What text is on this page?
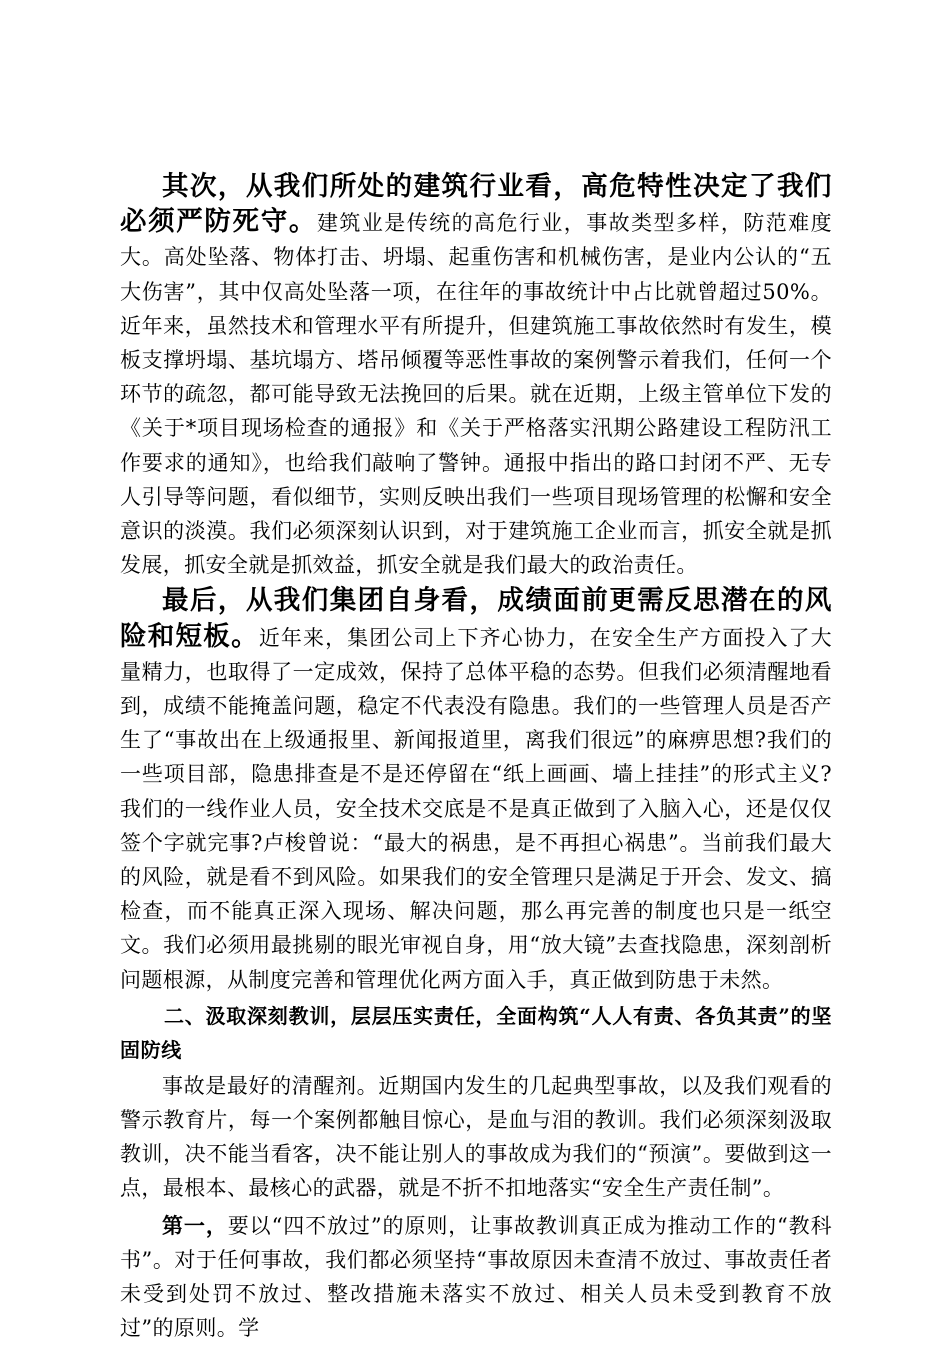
其次，从我们所处的建筑行业看，高危特性决定了我们必须严防死守。建筑业是传统的高危行业，事故类型多样，防范难度大。高处坠落、物体打击、坍塌、起重伤害和机械伤害，是业内公认的“五大伤害”，其中仅高处坠落一项，在往年的事故统计中占比就曾超过50%。近年来，虽然技术和管理水平有所提升，但建筑施工事故依然时有发生，模板支撑坍塌、基坑塌方、塔吊倾覆等恶性事故的案例警示着我们，任何一个环节的疏忽，都可能导致无法挽回的后果。就在近期，上级主管单位下发的《关于*项目现场检查的通报》和《关于严格落实汛期公路建设工程防汛工作要求的通知》，也给我们敲响了警钟。通报中指出的路口封闭不严、无专人引导等问题，看似细节，实则反映出我们一些项目现场管理的松懈和安全意识的淡漠。我们必须深刻认识到，对于建筑施工企业而言，抓安全就是抓发展，抓安全就是抓效益，抓安全就是我们最大的政治责任。

最后，从我们集团自身看，成绩面前更需反思潜在的风险和短板。近年来，集团公司上下齐心协力，在安全生产方面投入了大量精力，也取得了一定成效，保持了总体平稳的态势。但我们必须清醒地看到，成绩不能掩盖问题，稳定不代表没有隐患。我们的一些管理人员是否产生了“事故出在上级通报里、新闻报道里，离我们很远”的麻痹思想?我们的一些项目部，隐患排查是不是还停留在“纸上画画、墙上挂挂”的形式主义?我们的一线作业人员，安全技术交底是不是真正做到了入脑入心，还是仅仅签个字就完事?卢梭曾说：“最大的祸患，是不再担心祸患”。当前我们最大的风险，就是看不到风险。如果我们的安全管理只是满足于开会、发文、搞检查，而不能真正深入现场、解决问题，那么再完善的制度也只是一纸空文。我们必须用最挑剔的眼光审视自身，用“放大镜”去查找隐患，深刻剖析问题根源，从制度完善和管理优化两方面入手，真正做到防患于未然。

二、汲取深刻教训，层层压实责任，全面构筑“人人有责、各负其责”的坚固防线

事故是最好的清醒剂。近期国内发生的几起典型事故，以及我们观看的警示教育片，每一个案例都触目惊心，是血与泪的教训。我们必须深刻汲取教训，决不能当看客，决不能让别人的事故成为我们的“预演”。要做到这一点，最根本、最核心的武器，就是不折不扣地落实“安全生产责任制”。

第一，要以“四不放过”的原则，让事故教训真正成为推动工作的“教科书”。对于任何事故，我们都必须坚持“事故原因未查清不放过、事故责任者未受到处罚不放过、整改措施未落实不放过、相关人员未受到教育不放过”的原则。学
